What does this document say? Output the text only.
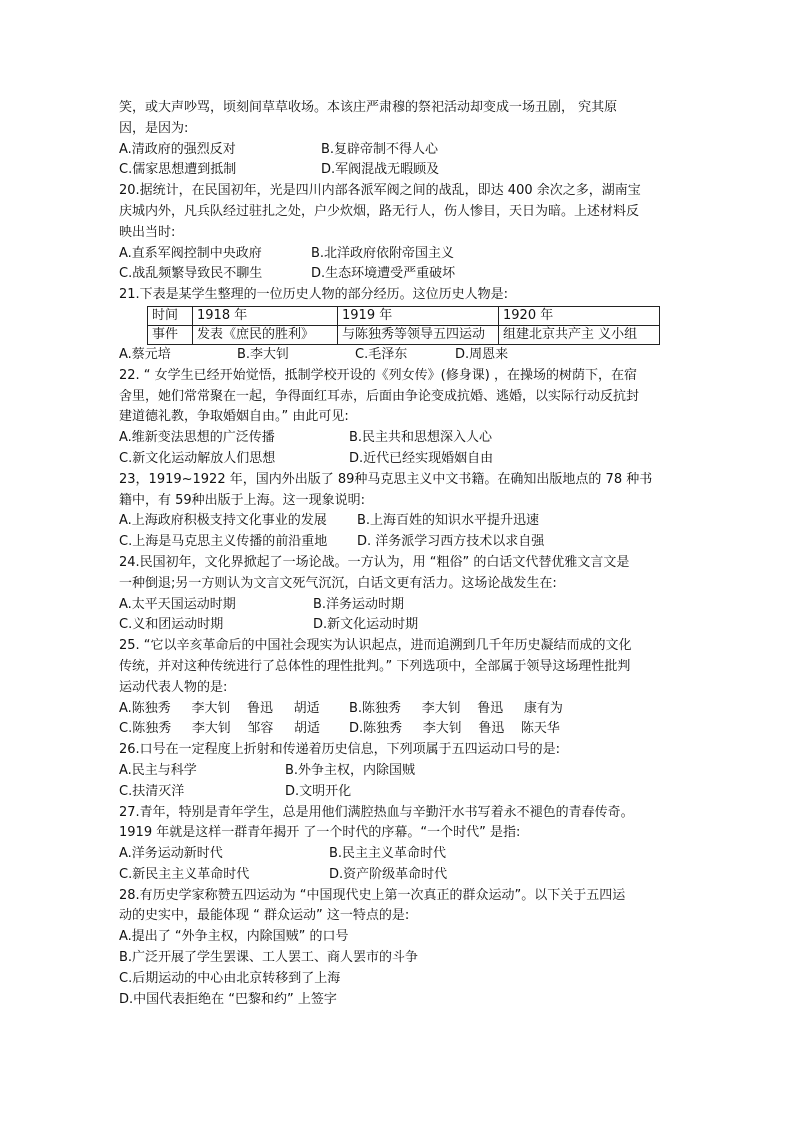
笑，或大声吵骂，顷刻间草草收场。本该庄严肃穆的祭祀活动却变成一场丑剧， 究其原
因，是因为:
A.清政府的强烈反对	B.复辟帝制不得人心
C.儒家思想遭到抵制	D.军阀混战无暇顾及
20.据统计，在民国初年，光是四川内部各派军阀之间的战乱，即达 400 余次之多，湖南宝
庆城内外，凡兵队经过驻扎之处，户少炊烟，路无行人，伤人惨目，天日为暗。上述材料反
映出当时:
A.直系军阀控制中央政府	B.北洋政府依附帝国主义
C.战乱频繁导致民不聊生	D.生态环境遭受严重破坏
21.下表是某学生整理的一位历史人物的部分经历。这位历史人物是:
时间	1918 年	1919 年	1920 年
事件	发表《庶民的胜利》	与陈独秀等领导五四运动	组建北京共产主 义小组
A.蔡元培	B.李大钊	C.毛泽东	D.周恩来
22. “ 女学生已经开始觉悟，抵制学校开设的《列女传》(修身课) ，在操场的树荫下，在宿
舍里，她们常常聚在一起，争得面红耳赤，后面由争论变成抗婚、逃婚，以实际行动反抗封
建道德礼教，争取婚姻自由。” 由此可见:
A.维新变法思想的广泛传播	B.民主共和思想深入人心
C.新文化运动解放人们思想	D.近代已经实现婚姻自由
23，1919~1922 年，国内外出版了 89种马克思主义中文书籍。在确知出版地点的 78 种书
籍中，有 59种出版于上海。这一现象说明:
A.上海政府积极支持文化事业的发展	B.上海百姓的知识水平提升迅速
C.上海是马克思主义传播的前沿重地	D. 洋务派学习西方技术以求自强
24.民国初年，文化界掀起了一场论战。一方认为，用 “粗俗” 的白话文代替优雅文言文是
一种倒退;另一方则认为文言文死气沉沉，白话文更有活力。这场论战发生在:
A.太平天国运动时期	B.洋务运动时期
C.义和团运动时期	D.新文化运动时期
25. “它以辛亥革命后的中国社会现实为认识起点，进而追溯到几千年历史凝结而成的文化
传统，并对这种传统进行了总体性的理性批判。” 下列选项中，全部属于领导这场理性批判
运动代表人物的是:
A.陈独秀     李大钊    鲁迅     胡适	B.陈独秀     李大钊    鲁迅     康有为
C.陈独秀     李大钊    邹容     胡适	D.陈独秀     李大钊    鲁迅    陈天华
26.口号在一定程度上折射和传递着历史信息，下列项属于五四运动口号的是:
A.民主与科学	B.外争主权，内除国贼
C.扶清灭洋	D.文明开化
27.青年，特别是青年学生，总是用他们满腔热血与辛勤汗水书写着永不褪色的青春传奇。
1919 年就是这样一群青年揭开 了一个时代的序幕。“一个时代” 是指:
A.洋务运动新时代	B.民主主义革命时代
C.新民主主义革命时代	D.资产阶级革命时代
28.有历史学家称赞五四运动为 “中国现代史上第一次真正的群众运动”。以下关于五四运
动的史实中，最能体现 “ 群众运动” 这一特点的是:
A.提出了 “外争主权，内除国贼” 的口号
B.广泛开展了学生罢课、工人罢工、商人罢市的斗争
C.后期运动的中心由北京转移到了上海
D.中国代表拒绝在 “巴黎和约” 上签字
